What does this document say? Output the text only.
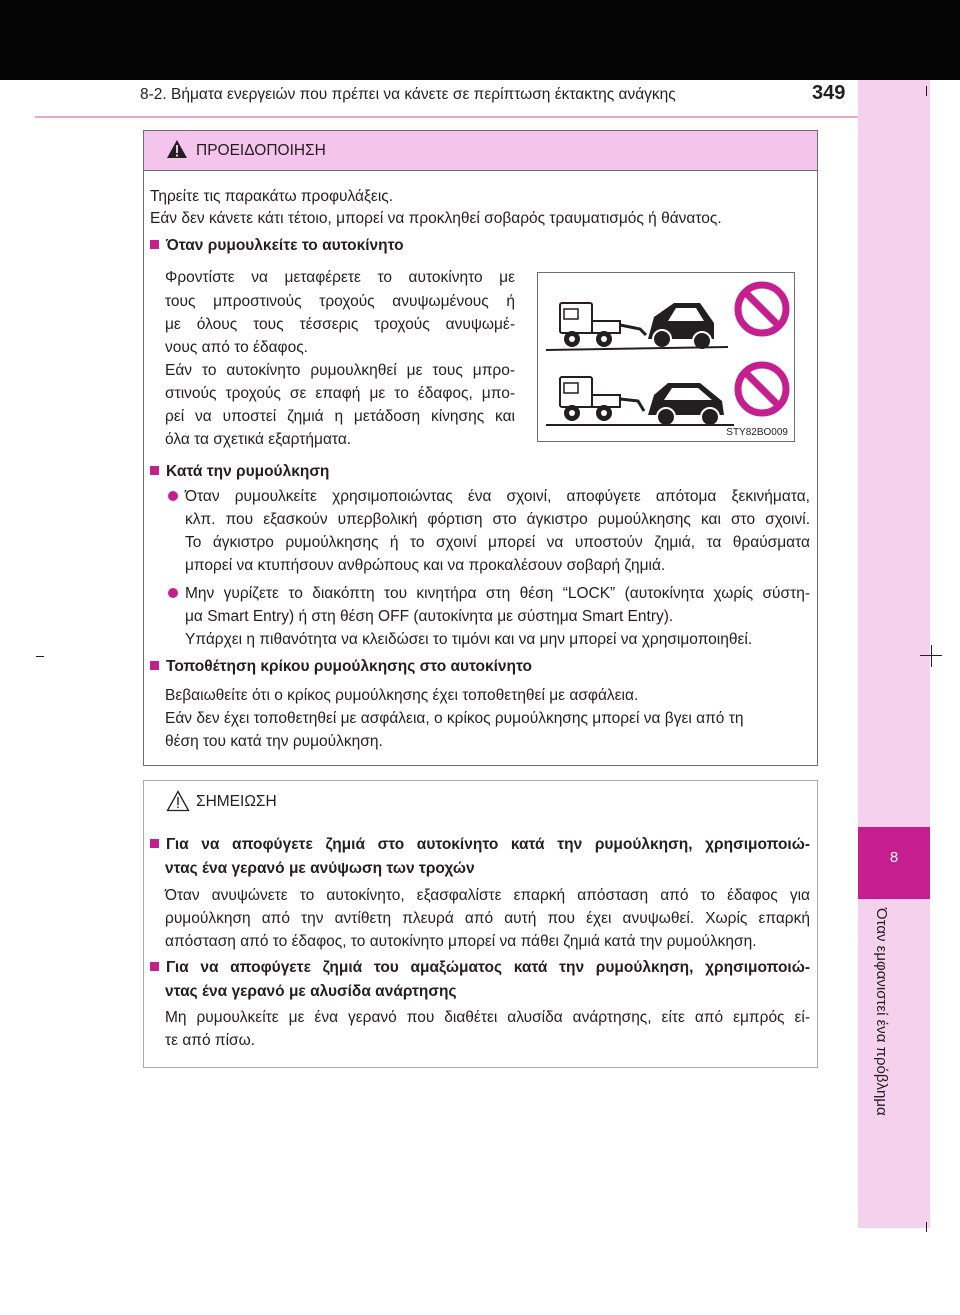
8-2. Βήματα ενεργειών που πρέπει να κάνετε σε περίπτωση έκτακτης ανάγκης	349
8
Όταν εμφανιστεί ένα πρόβλημα
ΠΡΟΕΙΔΟΠΟΙΗΣΗ
Τηρείτε τις παρακάτω προφυλάξεις.
Εάν δεν κάνετε κάτι τέτοιο, μπορεί να προκληθεί σοβαρός τραυματισμός ή θάνατος.
Όταν ρυμουλκείτε το αυτοκίνητο
Φροντίστε να μεταφέρετε το αυτοκίνητο με
τους μπροστινούς τροχούς ανυψωμένους ή
με όλους τους τέσσερις τροχούς ανυψωμέ-
νους από το έδαφος.
Εάν το αυτοκίνητο ρυμουλκηθεί με τους μπρο-
στινούς τροχούς σε επαφή με το έδαφος, μπο-
ρεί να υποστεί ζημιά η μετάδοση κίνησης και
όλα τα σχετικά εξαρτήματα.	STY82BO009
Κατά την ρυμούλκηση
Όταν ρυμουλκείτε χρησιμοποιώντας ένα σχοινί, αποφύγετε απότομα ξεκινήματα,
κλπ. που εξασκούν υπερβολική φόρτιση στο άγκιστρο ρυμούλκησης και στο σχοινί.
Το άγκιστρο ρυμούλκησης ή το σχοινί μπορεί να υποστούν ζημιά, τα θραύσματα
μπορεί να κτυπήσουν ανθρώπους και να προκαλέσουν σοβαρή ζημιά.
Μην γυρίζετε το διακόπτη του κινητήρα στη θέση “LOCK” (αυτοκίνητα χωρίς σύστη-
μα Smart Entry) ή στη θέση OFF (αυτοκίνητα με σύστημα Smart Entry).
Υπάρχει η πιθανότητα να κλειδώσει το τιμόνι και να μην μπορεί να χρησιμοποιηθεί.
Τοποθέτηση κρίκου ρυμούλκησης στο αυτοκίνητο
Βεβαιωθείτε ότι ο κρίκος ρυμούλκησης έχει τοποθετηθεί με ασφάλεια.
Εάν δεν έχει τοποθετηθεί με ασφάλεια, ο κρίκος ρυμούλκησης μπορεί να βγει από τη
θέση του κατά την ρυμούλκηση.
ΣΗΜΕΙΩΣΗ
Για να αποφύγετε ζημιά στο αυτοκίνητο κατά την ρυμούλκηση, χρησιμοποιώ-
ντας ένα γερανό με ανύψωση των τροχών
Όταν ανυψώνετε το αυτοκίνητο, εξασφαλίστε επαρκή απόσταση από το έδαφος για
ρυμούλκηση από την αντίθετη πλευρά από αυτή που έχει ανυψωθεί. Χωρίς επαρκή
απόσταση από το έδαφος, το αυτοκίνητο μπορεί να πάθει ζημιά κατά την ρυμούλκηση.
Για να αποφύγετε ζημιά του αμαξώματος κατά την ρυμούλκηση, χρησιμοποιώ-
ντας ένα γερανό με αλυσίδα ανάρτησης
Μη ρυμουλκείτε με ένα γερανό που διαθέτει αλυσίδα ανάρτησης, είτε από εμπρός εί-
τε από πίσω.
